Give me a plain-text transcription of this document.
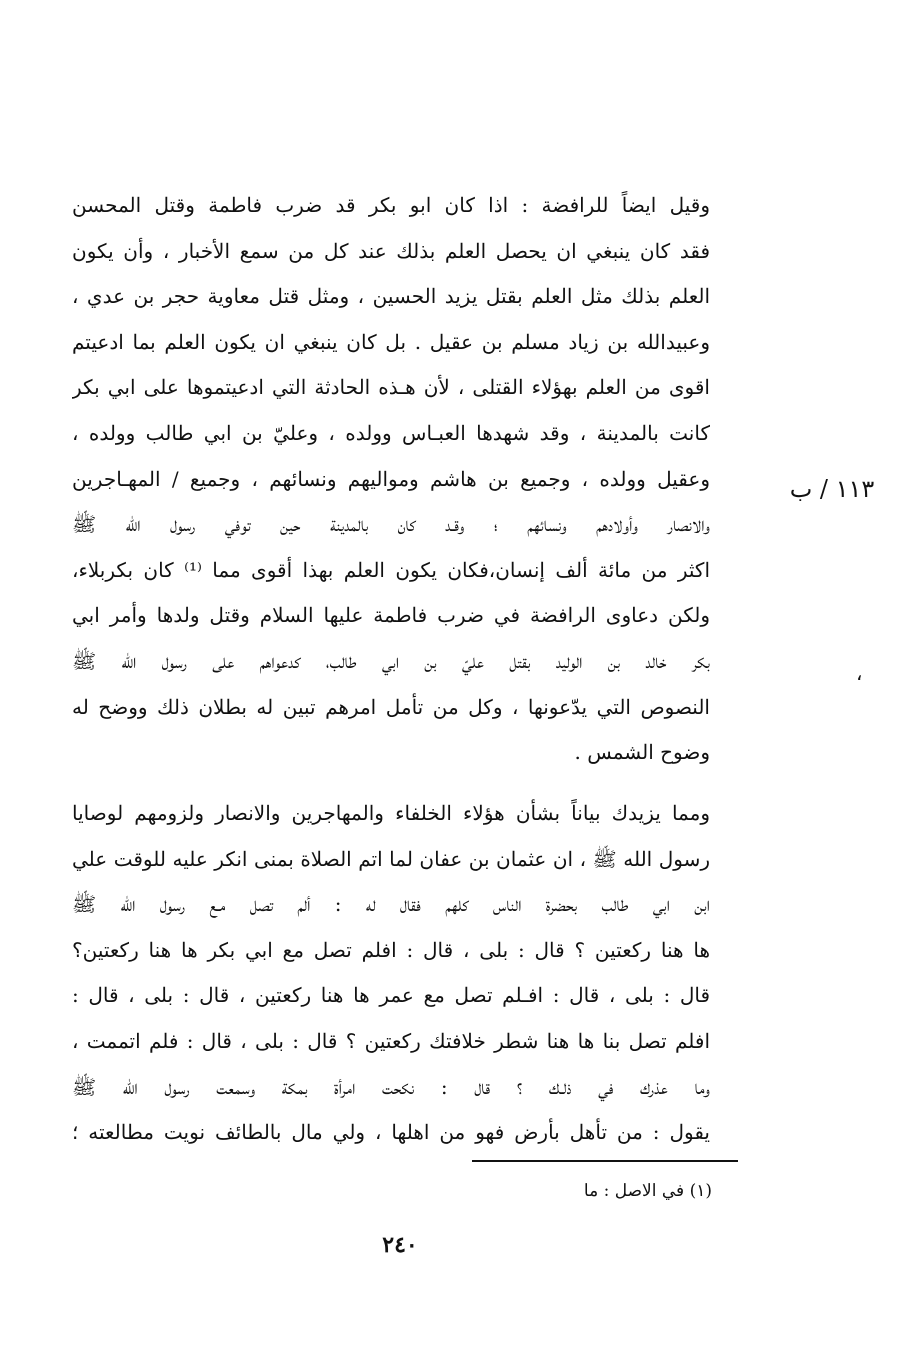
١١٣ / ب
،
وقيل ايضاً للرافضة : اذا كان ابو بكر قد ضرب فاطمة وقتل المحسن
فقد كان ينبغي ان يحصل العلم بذلك عند كل من سمع الأخبار ، وأن يكون
العلم بذلك مثل العلم بقتل يزيد الحسين ، ومثل قتل معاوية حجر بن عدي ،
وعبيدالله بن زياد مسلم بن عقيل . بل كان ينبغي ان يكون العلم بما ادعيتم
اقوى من العلم بهؤلاء القتلى ، لأن هـذه الحادثة التي ادعيتموها على ابي بكر
كانت بالمدينة ، وقد شهدها العبـاس وولده ، وعليّ بن ابي طالب وولده ،
وعقيل وولده ، وجميع بن هاشم ومواليهم ونسائهم ، وجميع / المهـاجرين
والانصار وأولادهم ونسائهم ؛ وقـد كان بالمدينة حين توفي رسول الله ﷺ
اكثر من مائة ألف إنسان،فكان يكون العلم بهذا أقوى مما ⁽¹⁾ كان بكربلاء،
ولكن دعاوى الرافضة في ضرب فاطمة عليها السلام وقتل ولدها وأمر ابي
بكر خالد بن الوليد بقتل عليّ بن ابي طالب، كدعواهم على رسول الله ﷺ
النصوص التي يدّعونها ، وكل من تأمل امرهم تبين له بطلان ذلك ووضح له
وضوح الشمس .
ومما يزيدك بياناً بشأن هؤلاء الخلفاء والمهاجرين والانصار ولزومهم لوصايا
رسول الله ﷺ ، ان عثمان بن عفان لما اتم الصلاة بمنى انكر عليه للوقت علي
ابن ابي طالب بحضرة الناس كلهم فقال له : ألم تصل مـع رسول الله ﷺ
ها هنا ركعتين ؟ قال : بلى ، قال : افلم تصل مع ابي بكر ها هنا ركعتين؟
قال : بلى ، قال : افـلم تصل مع عمر ها هنا ركعتين ، قال : بلى ، قال :
افلم تصل بنا ها هنا شطر خلافتك ركعتين ؟ قال : بلى ، قال : فلم اتممت ،
وما عذرك في ذلـك ؟ قال : نكحت امرأة بمكة وسمعت رسول الله ﷺ
يقول : من تأهل بأرض فهو من اهلها ، ولي مال بالطائف نويت مطالعته ؛
(١) في الاصل : ما
٢٤٠
